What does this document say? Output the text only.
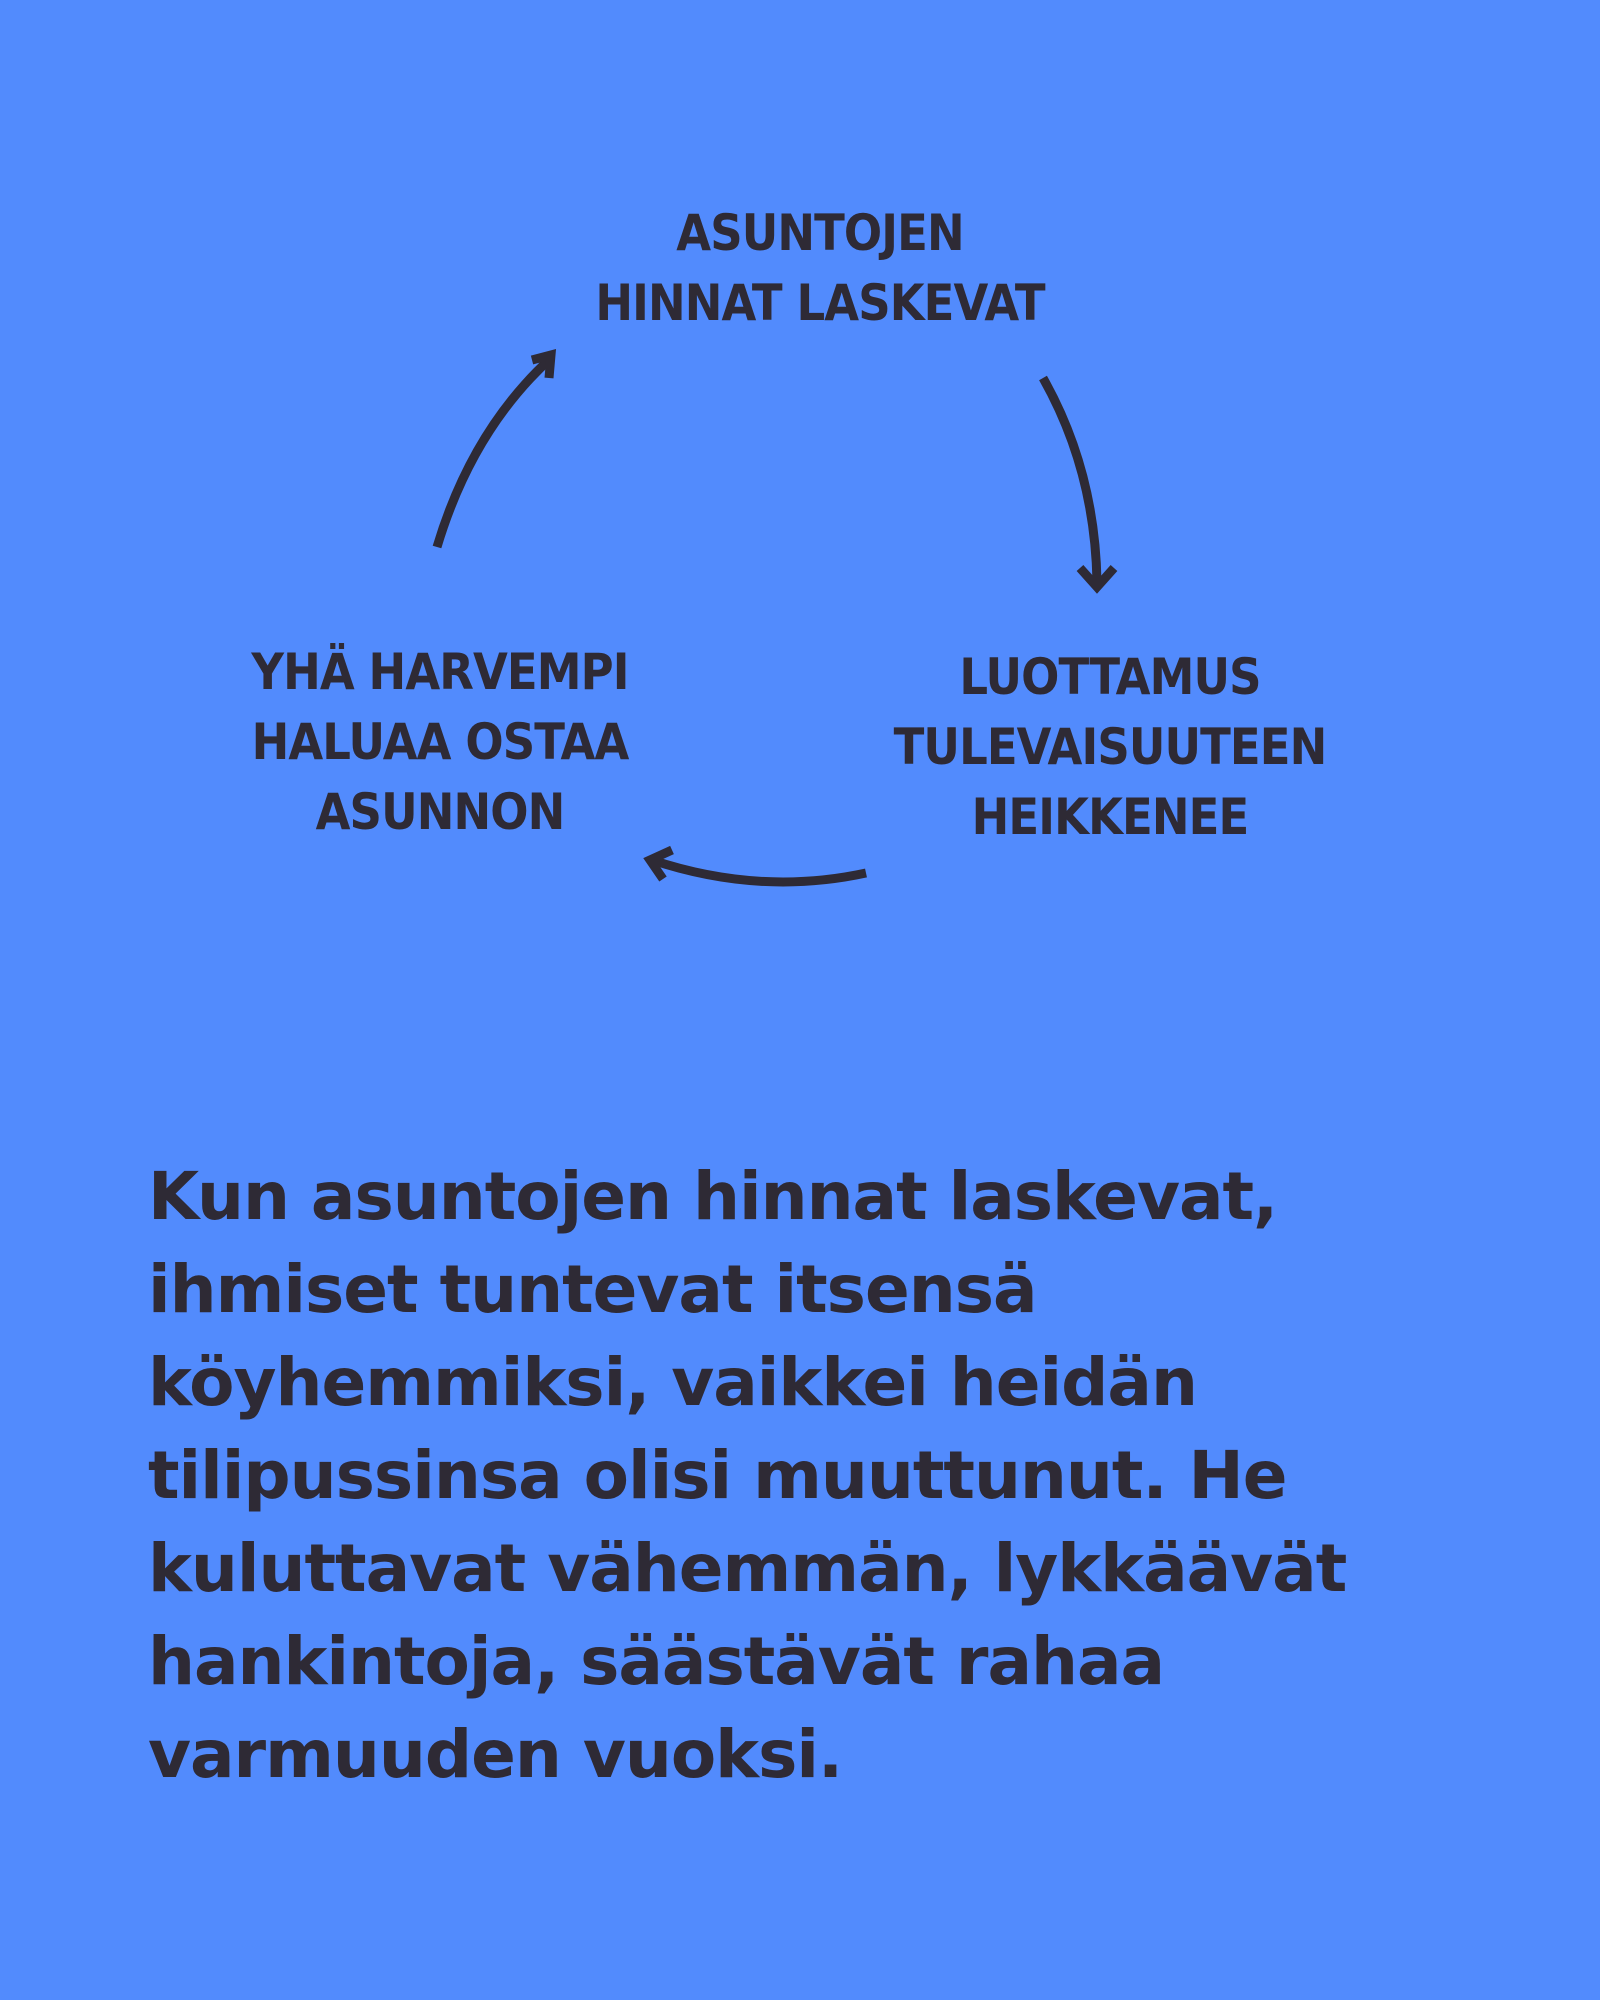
ASUNTOJEN
HINNAT LASKEVAT
LUOTTAMUS
TULEVAISUUTEEN
HEIKKENEE
YHÄ HARVEMPI
HALUAA OSTAA
ASUNNON

Kun asuntojen hinnat laskevat, ihmiset tuntevat itsensä köyhemmiksi, vaikkei heidän tilipussinsa olisi muuttunut. He kuluttavat vähemmän, lykkäävät hankintoja, säästävät rahaa varmuuden vuoksi.
